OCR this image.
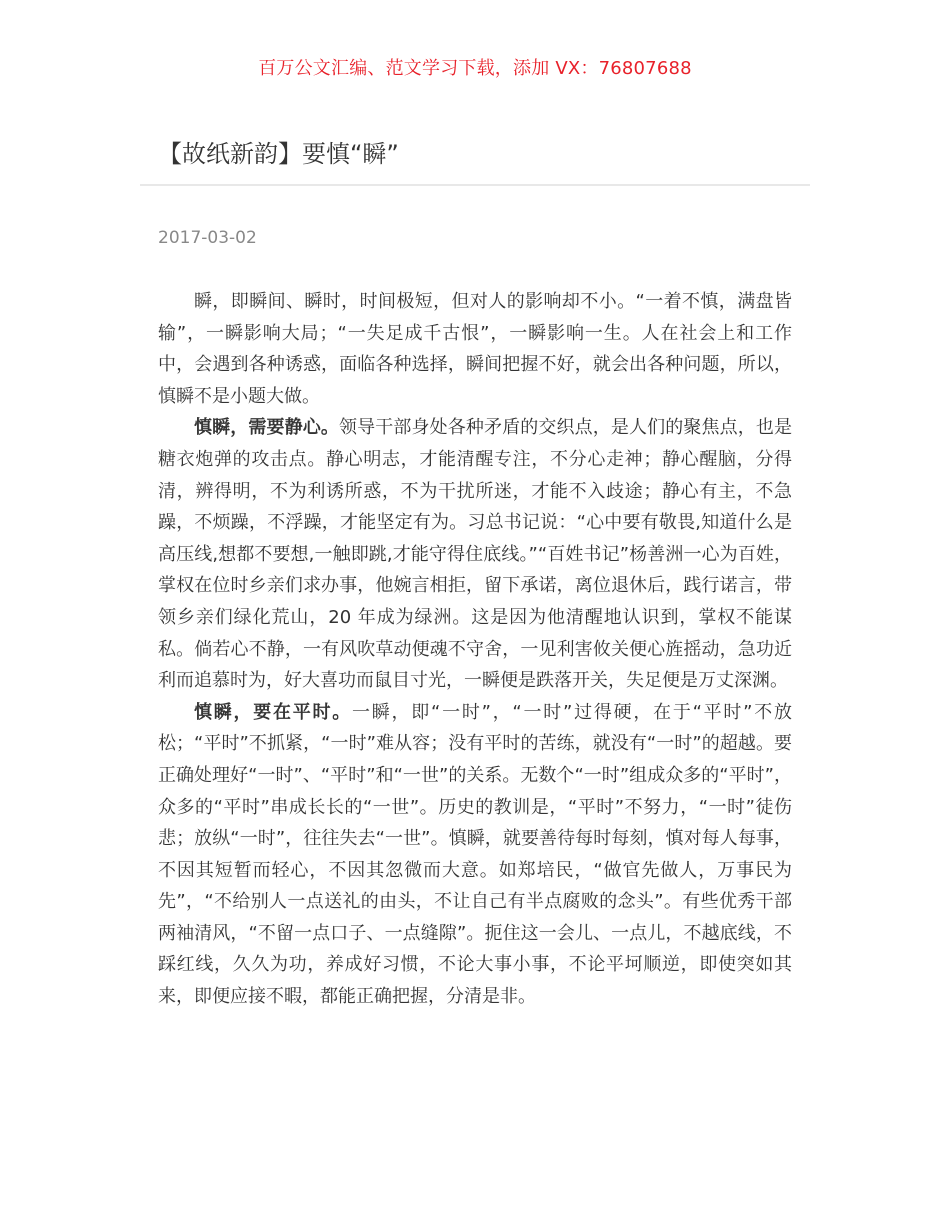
百万公文汇编、范文学习下载，添加 VX：76807688
【故纸新韵】要慎“瞬”
2017-03-02

瞬，即瞬间、瞬时，时间极短，但对人的影响却不小。“一着不慎，满盘皆输”，一瞬影响大局；“一失足成千古恨”，一瞬影响一生。人在社会上和工作中，会遇到各种诱惑，面临各种选择，瞬间把握不好，就会出各种问题，所以，慎瞬不是小题大做。

慎瞬，需要静心。领导干部身处各种矛盾的交织点，是人们的聚焦点，也是糖衣炮弹的攻击点。静心明志，才能清醒专注，不分心走神；静心醒脑，分得清，辨得明，不为利诱所惑，不为干扰所迷，才能不入歧途；静心有主，不急躁，不烦躁，不浮躁，才能坚定有为。习总书记说：“心中要有敬畏,知道什么是高压线,想都不要想,一触即跳,才能守得住底线。”“百姓书记”杨善洲一心为百姓，掌权在位时乡亲们求办事，他婉言相拒，留下承诺，离位退休后，践行诺言，带领乡亲们绿化荒山，20 年成为绿洲。这是因为他清醒地认识到，掌权不能谋私。倘若心不静，一有风吹草动便魂不守舍，一见利害攸关便心旌摇动，急功近利而追慕时为，好大喜功而鼠目寸光，一瞬便是跌落开关，失足便是万丈深渊。

慎瞬，要在平时。一瞬，即“一时”，“一时”过得硬，在于“平时”不放松；“平时”不抓紧，“一时”难从容；没有平时的苦练，就没有“一时”的超越。要正确处理好“一时”、“平时”和“一世”的关系。无数个“一时”组成众多的“平时”，众多的“平时”串成长长的“一世”。历史的教训是，“平时”不努力，“一时”徒伤悲；放纵“一时”，往往失去“一世”。慎瞬，就要善待每时每刻，慎对每人每事，不因其短暂而轻心，不因其忽微而大意。如郑培民，“做官先做人，万事民为先”，“不给别人一点送礼的由头，不让自己有半点腐败的念头”。有些优秀干部两袖清风，“不留一点口子、一点缝隙”。扼住这一会儿、一点儿，不越底线，不踩红线，久久为功，养成好习惯，不论大事小事，不论平坷顺逆，即使突如其来，即便应接不暇，都能正确把握，分清是非。
